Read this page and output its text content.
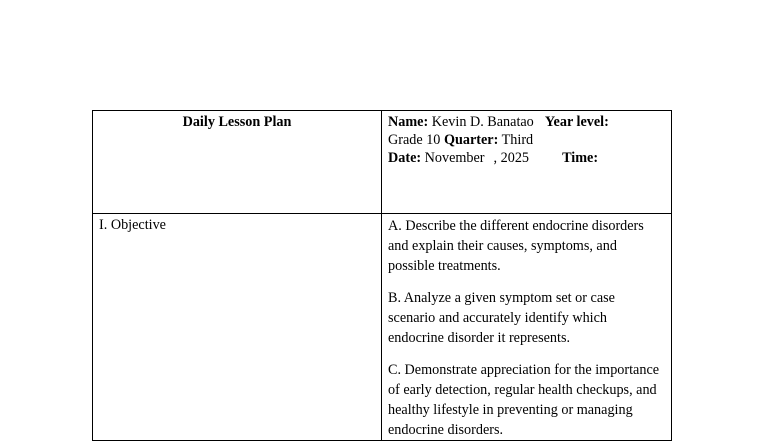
Daily Lesson Plan	Name: Kevin D. Banatao Year level:
Grade 10 Quarter: Third
Date: November , 2025 Time:

I. Objective	A. Describe the different endocrine disorders and explain their causes, symptoms, and possible treatments.

B. Analyze a given symptom set or case scenario and accurately identify which endocrine disorder it represents.

C. Demonstrate appreciation for the importance of early detection, regular health checkups, and healthy lifestyle in preventing or managing endocrine disorders.
